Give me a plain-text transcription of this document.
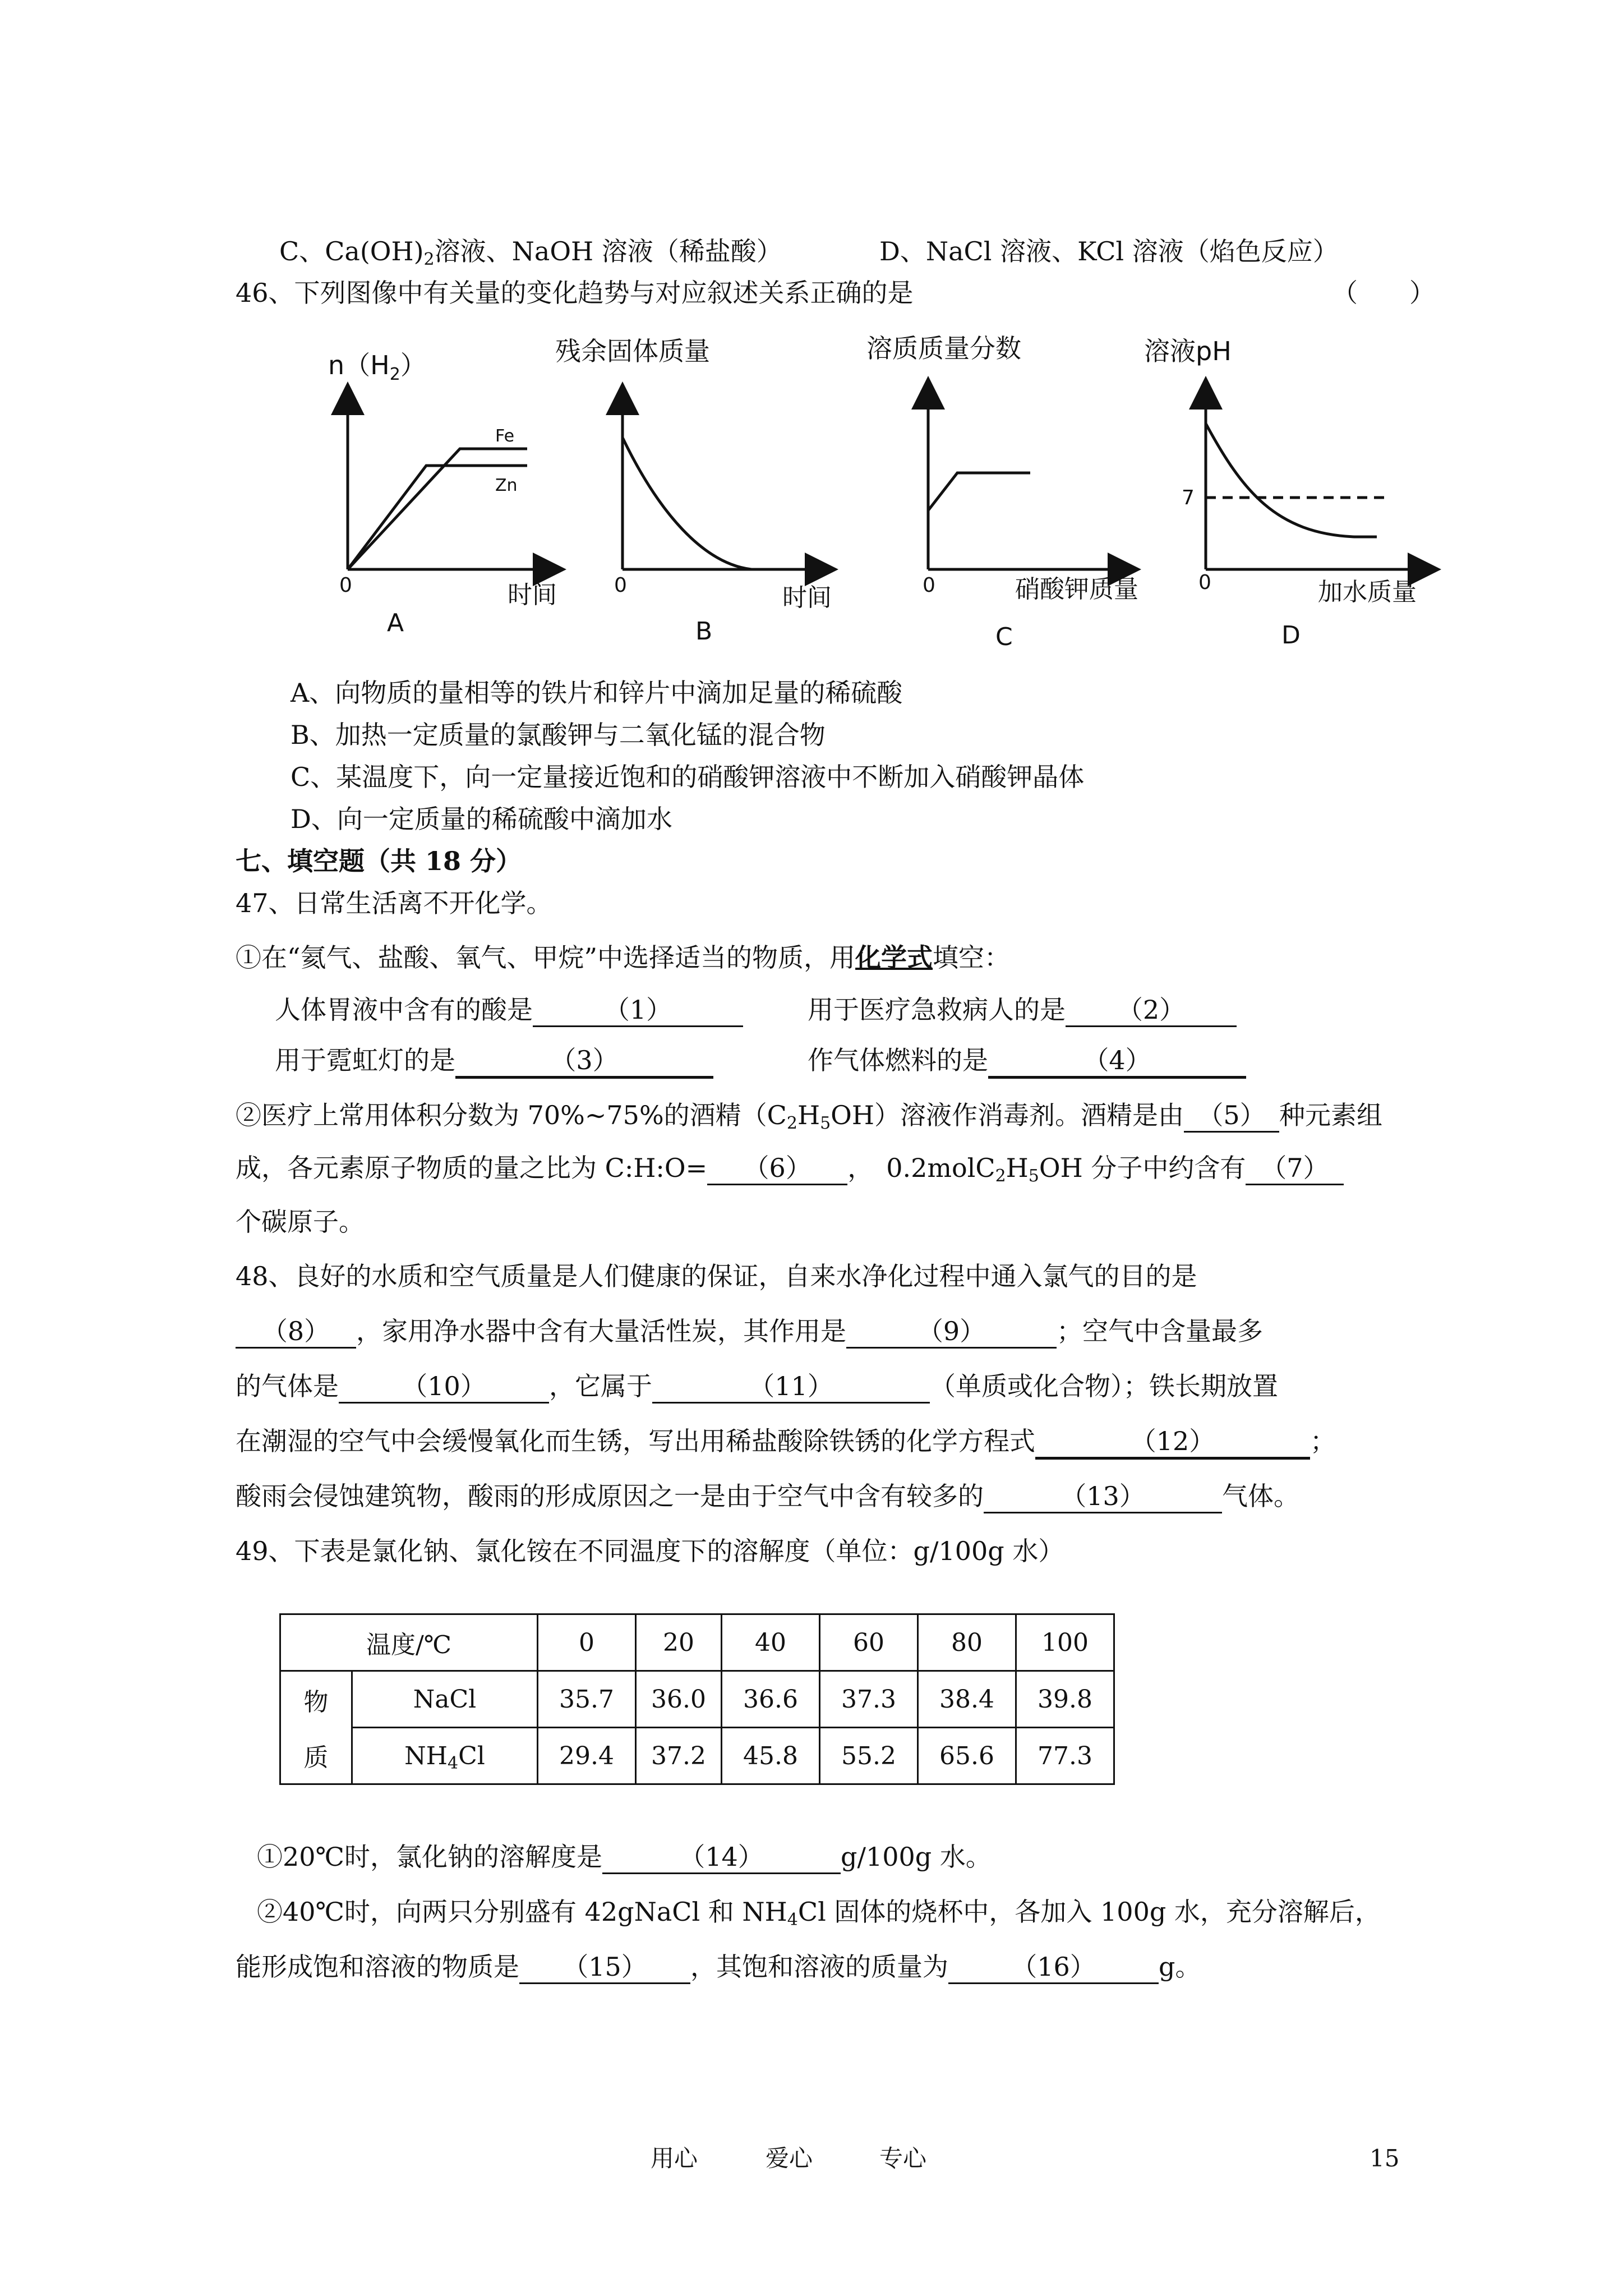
C、$Ca(OH)_2$溶液、NaOH 溶液（稀盐酸）	D、NaCl 溶液、KCl 溶液（焰色反应）
46、下列图像中有关量的变化趋势与对应叙述关系正确的是	（　　）
$n(H_2)$
Fe
Zn
0	时间
A
残余固体质量
0	时间
B
溶质质量分数
0	硝酸钾质量
C
溶液pH
7
0	加水质量
D
A、向物质的量相等的铁片和锌片中滴加足量的稀硫酸
B、加热一定质量的氯酸钾与二氧化锰的混合物
C、某温度下，向一定量接近饱和的硝酸钾溶液中不断加入硝酸钾晶体
D、向一定质量的稀硫酸中滴加水
七、填空题（共 18 分）
47、日常生活离不开化学。
①在“氦气、盐酸、氧气、甲烷”中选择适当的物质，用化学式填空：
人体胃液中含有的酸是	（1）	用于医疗急救病人的是 （2）
用于霓虹灯的是	（3）	作气体燃料的是	（4）
②医疗上常用体积分数为 70%~75%的酒精$(C_2H_5OH)$溶液作消毒剂。酒精是由 （5） 种元素组
成，各元素原子物质的量之比为 C:H:O= （6） ，　$0.2molC_2H_5OH$ 分子中约含有 （7）
个碳原子。
48、良好的水质和空气质量是人们健康的保证，自来水净化过程中通入氯气的目的是
（8） ，家用净水器中含有大量活性炭，其作用是	（9）	；空气中含量最多
的气体是 （10） ，它属于	（11）	（单质或化合物）；铁长期放置
在潮湿的空气中会缓慢氧化而生锈，写出用稀盐酸除铁锈的化学方程式	（12）	；
酸雨会侵蚀建筑物，酸雨的形成原因之一是由于空气中含有较多的	（13）	气体。
49、下表是氯化钠、氯化铵在不同温度下的溶解度（单位：g/100g 水）
温度/℃		0	20	40	60	80	100
物	NaCl	35.7	36.0	36.6	37.3	38.4	39.8
质	$NH_4Cl$	29.4	37.2	45.8	55.2	65.6	77.3
①20℃时，氯化钠的溶解度是	（14）	g/100g 水。
②40℃时，向两只分别盛有 42gNaCl 和 $NH_4Cl$ 固体的烧杯中，各加入 100g 水，充分溶解后，
能形成饱和溶液的物质是 （15） ，其饱和溶液的质量为 （16） g。
用心	爱心	专心	15
